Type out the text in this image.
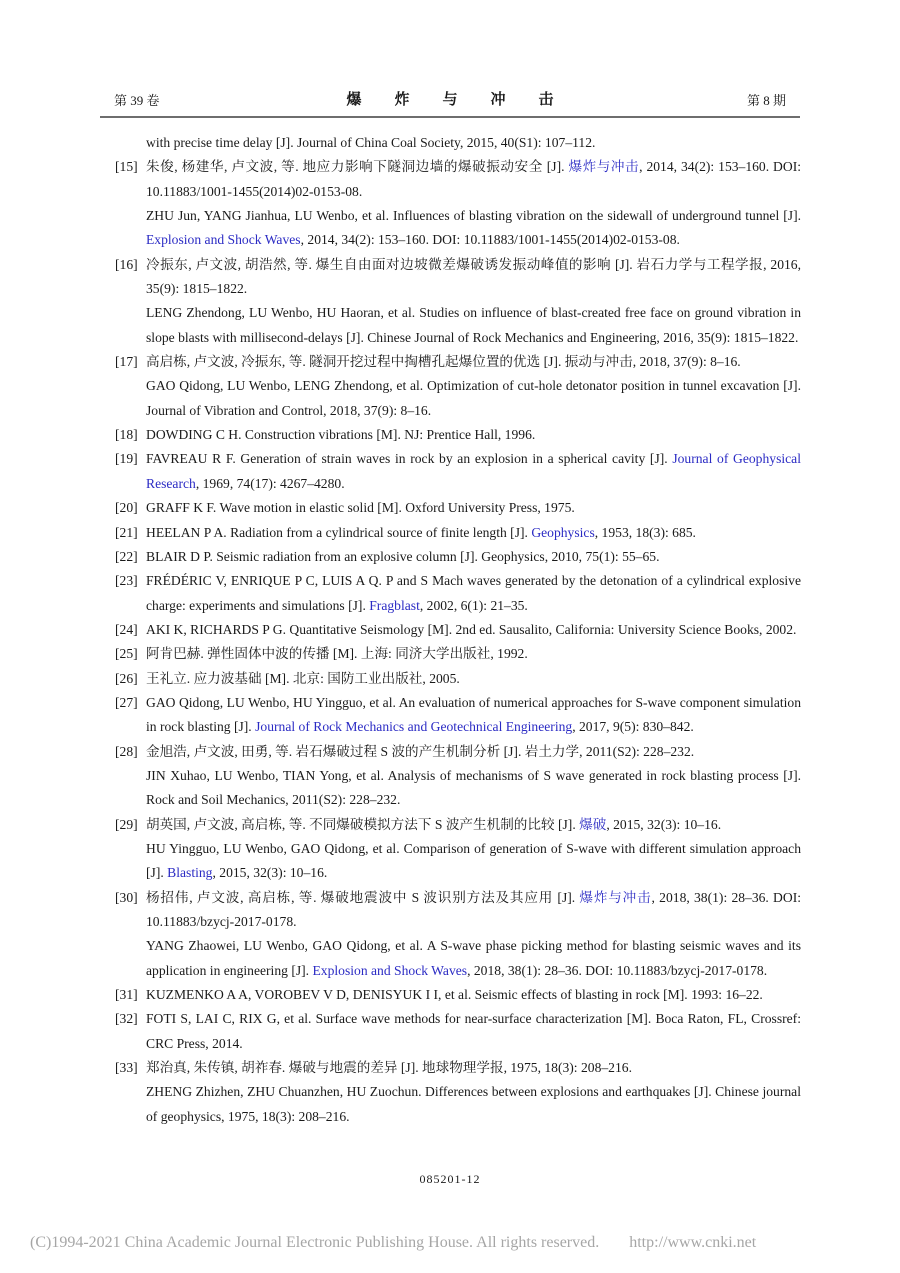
第 39 卷	爆炸与冲击	第 8 期

with precise time delay [J]. Journal of China Coal Society, 2015, 40(S1): 107–112.

[15] 朱俊, 杨建华, 卢文波, 等. 地应力影响下隧洞边墙的爆破振动安全 [J]. 爆炸与冲击, 2014, 34(2): 153–160. DOI: 10.11883/1001-1455(2014)02-0153-08.

ZHU Jun, YANG Jianhua, LU Wenbo, et al. Influences of blasting vibration on the sidewall of underground tunnel [J]. Explosion and Shock Waves, 2014, 34(2): 153–160. DOI: 10.11883/1001-1455(2014)02-0153-08.

[16] 冷振东, 卢文波, 胡浩然, 等. 爆生自由面对边坡微差爆破诱发振动峰值的影响 [J]. 岩石力学与工程学报, 2016, 35(9): 1815–1822.

LENG Zhendong, LU Wenbo, HU Haoran, et al. Studies on influence of blast-created free face on ground vibration in slope blasts with millisecond-delays [J]. Chinese Journal of Rock Mechanics and Engineering, 2016, 35(9): 1815–1822.

[17] 高启栋, 卢文波, 冷振东, 等. 隧洞开挖过程中掏槽孔起爆位置的优选 [J]. 振动与冲击, 2018, 37(9): 8–16.

GAO Qidong, LU Wenbo, LENG Zhendong, et al. Optimization of cut-hole detonator position in tunnel excavation [J]. Journal of Vibration and Control, 2018, 37(9): 8–16.

[18] DOWDING C H. Construction vibrations [M]. NJ: Prentice Hall, 1996.

[19] FAVREAU R F. Generation of strain waves in rock by an explosion in a spherical cavity [J]. Journal of Geophysical Research, 1969, 74(17): 4267–4280.

[20] GRAFF K F. Wave motion in elastic solid [M]. Oxford University Press, 1975.

[21] HEELAN P A. Radiation from a cylindrical source of finite length [J]. Geophysics, 1953, 18(3): 685.

[22] BLAIR D P. Seismic radiation from an explosive column [J]. Geophysics, 2010, 75(1): 55–65.

[23] FRÉDÉRIC V, ENRIQUE P C, LUIS A Q. P and S Mach waves generated by the detonation of a cylindrical explosive charge: experiments and simulations [J]. Fragblast, 2002, 6(1): 21–35.

[24] AKI K, RICHARDS P G. Quantitative Seismology [M]. 2nd ed. Sausalito, California: University Science Books, 2002.

[25] 阿肯巴赫. 弹性固体中波的传播 [M]. 上海: 同济大学出版社, 1992.

[26] 王礼立. 应力波基础 [M]. 北京: 国防工业出版社, 2005.

[27] GAO Qidong, LU Wenbo, HU Yingguo, et al. An evaluation of numerical approaches for S-wave component simulation in rock blasting [J]. Journal of Rock Mechanics and Geotechnical Engineering, 2017, 9(5): 830–842.

[28] 金旭浩, 卢文波, 田勇, 等. 岩石爆破过程 S 波的产生机制分析 [J]. 岩土力学, 2011(S2): 228–232.

JIN Xuhao, LU Wenbo, TIAN Yong, et al. Analysis of mechanisms of S wave generated in rock blasting process [J]. Rock and Soil Mechanics, 2011(S2): 228–232.

[29] 胡英国, 卢文波, 高启栋, 等. 不同爆破模拟方法下 S 波产生机制的比较 [J]. 爆破, 2015, 32(3): 10–16.

HU Yingguo, LU Wenbo, GAO Qidong, et al. Comparison of generation of S-wave with different simulation approach [J]. Blasting, 2015, 32(3): 10–16.

[30] 杨招伟, 卢文波, 高启栋, 等. 爆破地震波中 S 波识别方法及其应用 [J]. 爆炸与冲击, 2018, 38(1): 28–36. DOI: 10.11883/bzycj-2017-0178.

YANG Zhaowei, LU Wenbo, GAO Qidong, et al. A S-wave phase picking method for blasting seismic waves and its application in engineering [J]. Explosion and Shock Waves, 2018, 38(1): 28–36. DOI: 10.11883/bzycj-2017-0178.

[31] KUZMENKO A A, VOROBEV V D, DENISYUK I I, et al. Seismic effects of blasting in rock [M]. 1993: 16–22.

[32] FOTI S, LAI C, RIX G, et al. Surface wave methods for near-surface characterization [M]. Boca Raton, FL, Crossref: CRC Press, 2014.

[33] 郑治真, 朱传镇, 胡祚春. 爆破与地震的差异 [J]. 地球物理学报, 1975, 18(3): 208–216.

ZHENG Zhizhen, ZHU Chuanzhen, HU Zuochun. Differences between explosions and earthquakes [J]. Chinese journal of geophysics, 1975, 18(3): 208–216.

085201-12
(C)1994-2021 China Academic Journal Electronic Publishing House. All rights reserved. http://www.cnki.net
